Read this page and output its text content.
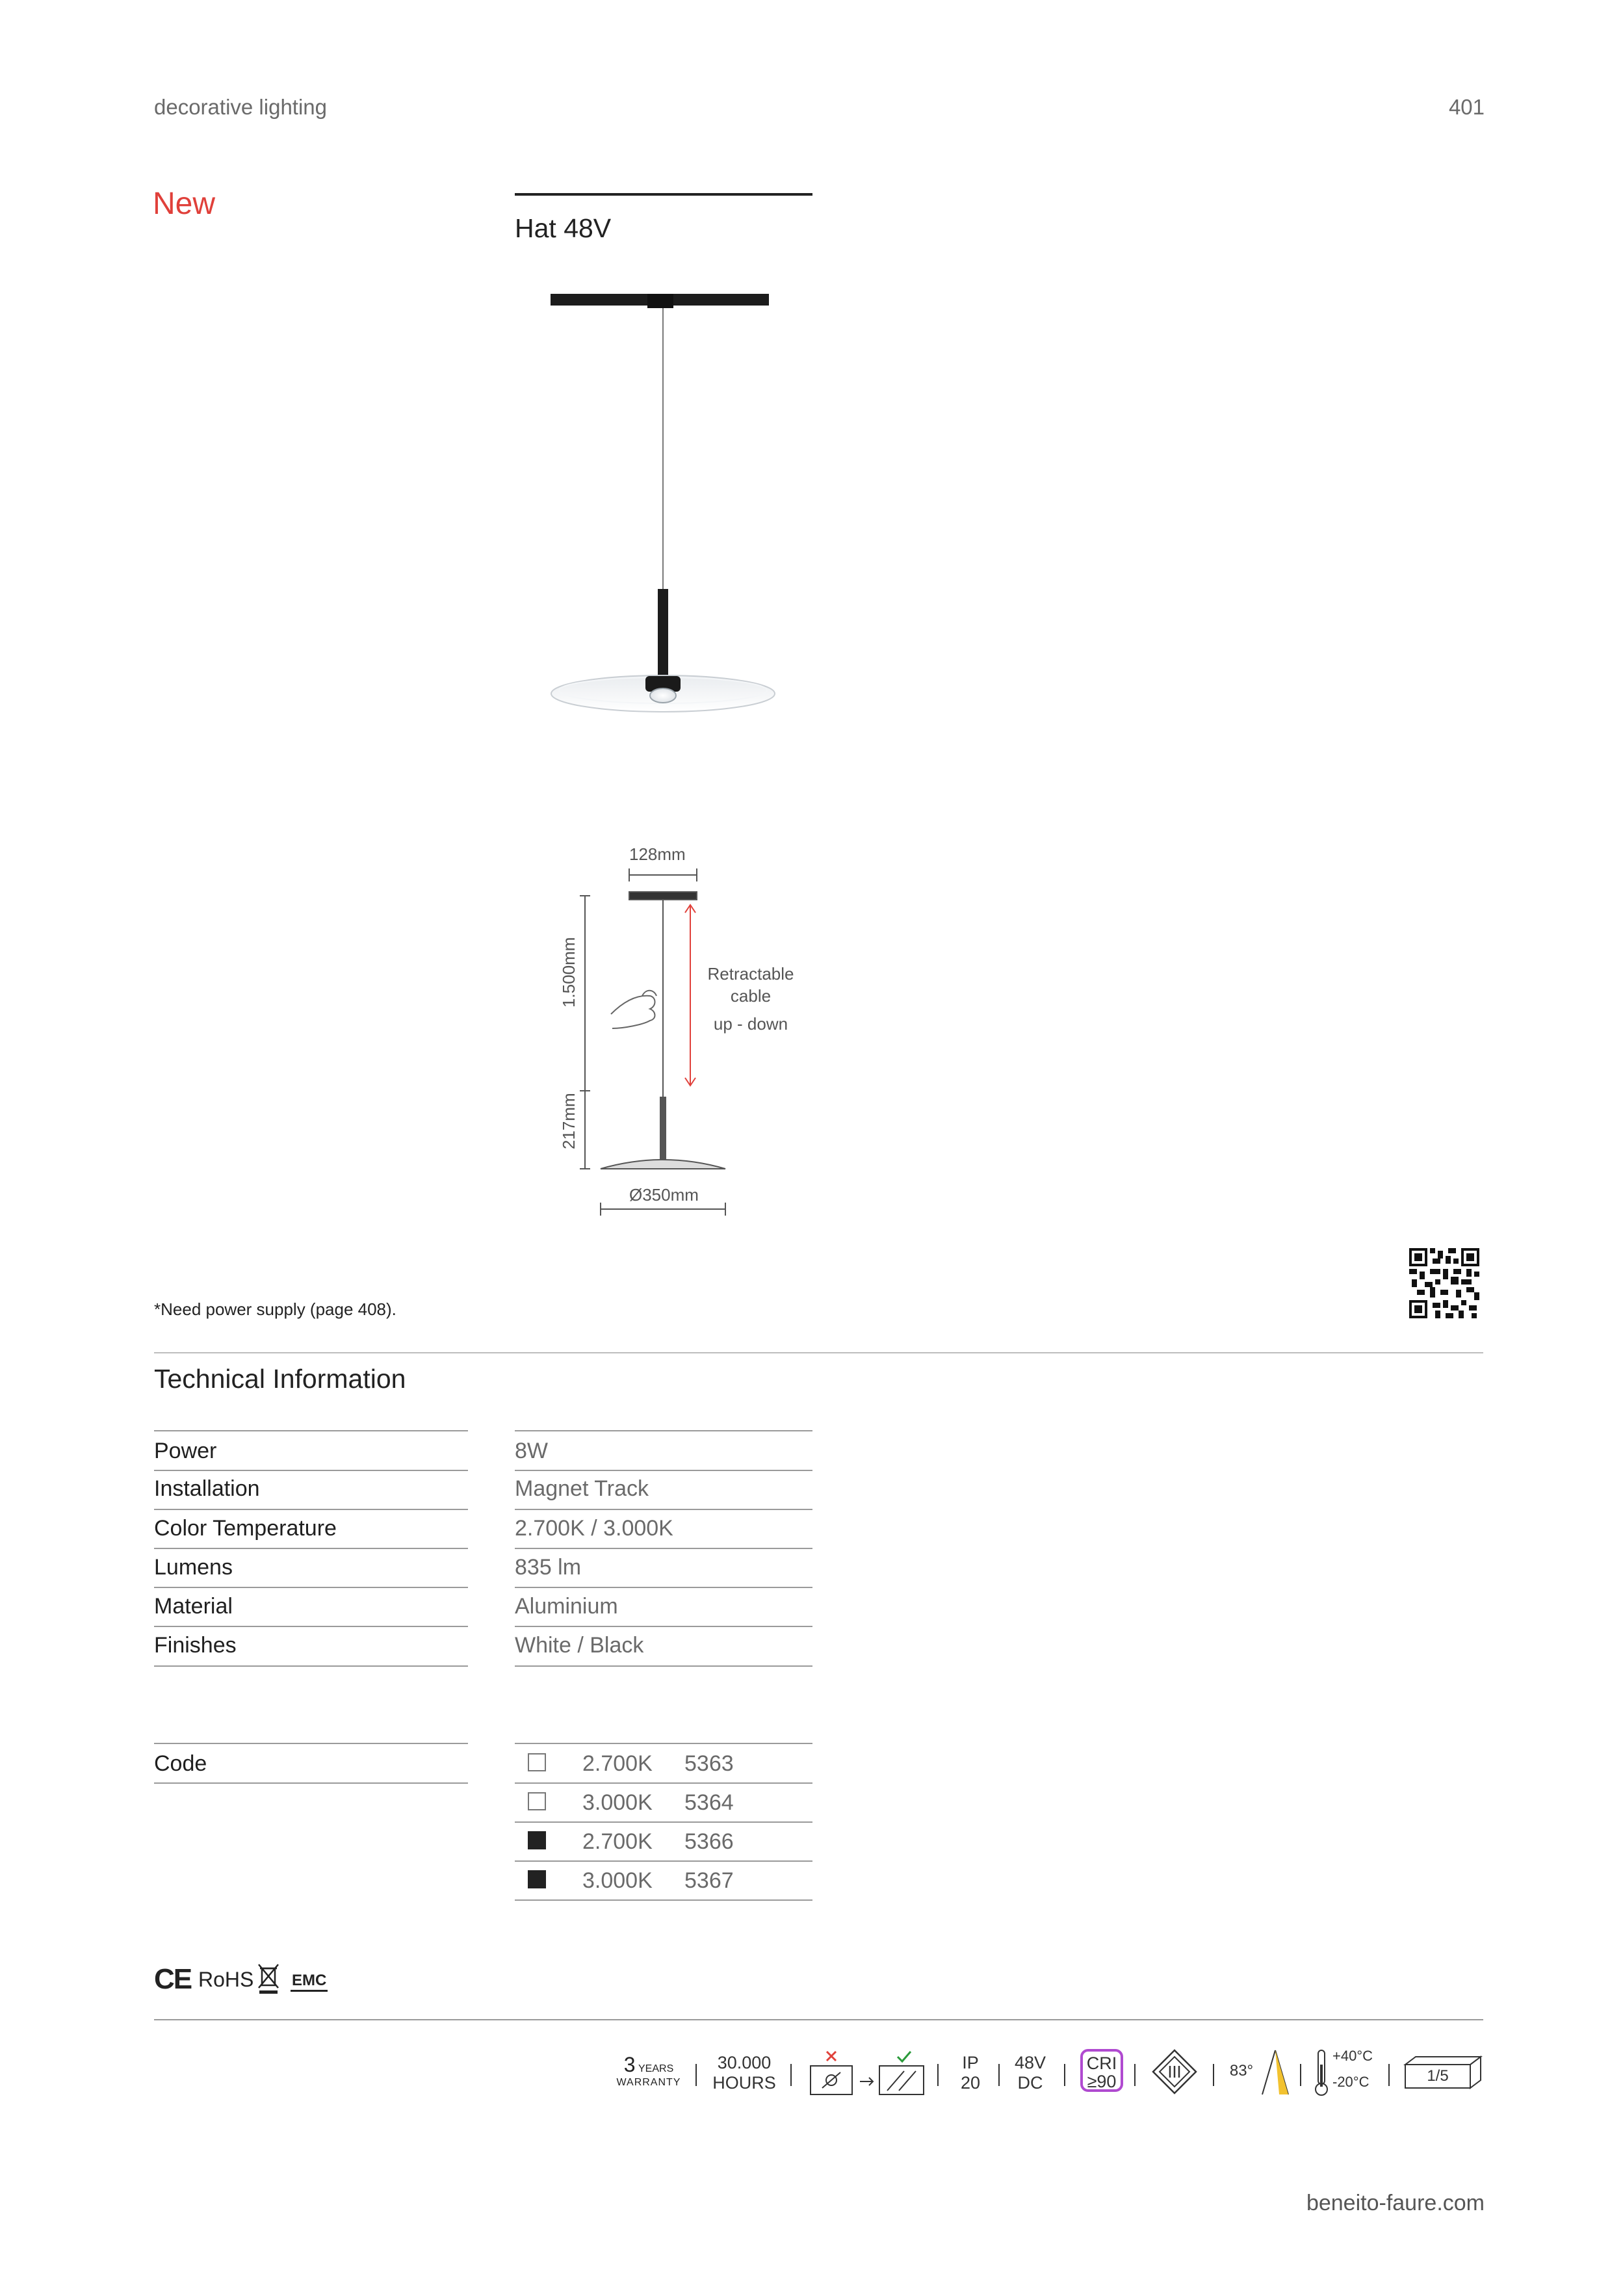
decorative lighting	401
New
Hat 48V
128mm
1.500mm
217mm
Ø350mm
Retractable
cable
up - down
*Need power supply (page 408).
Technical Information
Power	8W
Installation	Magnet Track
Color Temperature	2.700K / 3.000K
Lumens	835 lm
Material	Aluminium
Finishes	White / Black
Code	2.700K 5363
3.000K 5364
2.700K 5366
3.000K 5367
CE RoHS EMC
3 YEARS
WARRANTY
30.000
HOURS
IP
20
48V
DC
CRI
≥90
83°
+40°C
-20°C	1/5
beneito-faure.com
